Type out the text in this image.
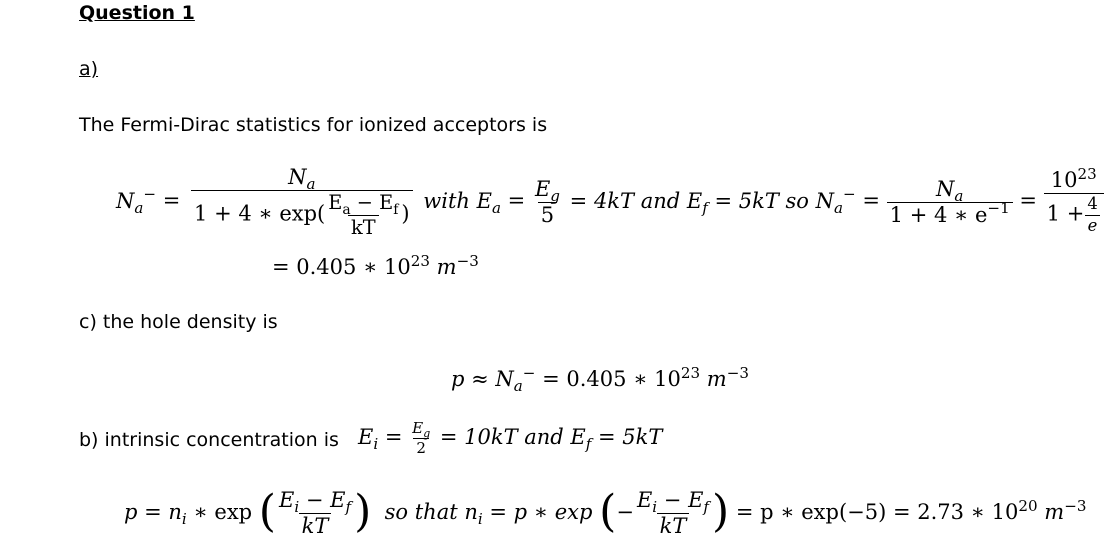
Question 1
a)
The Fermi-Dirac statistics for ionized acceptors is
$N_a^-$ =
$N_a$
1 + 4 ∗ $\exp( \frac{E_a - E_f}{kT}$ )
with $E_a = \frac{E_g}{5} = 4kT$ and $E_f = 5kT$ so $N_a^- = \frac{N_a}{1 + 4 ∗ e^{-1}} = \frac{10^{23}}{1 + \frac{4}{e}}$
= 0.405 ∗ $10^{23}$ $m^{-3}$
c) the hole density is
$p \approx N_a^- = 0.405$ ∗ $10^{23}$ $m^{-3}$
b) intrinsic concentration is $E_i = \frac{E_g}{2} = 10kT$ and $E_f = 5kT$
$p = n_i$ ∗ exp ( $\frac{E_i - E_f}{kT}$ ) so that $n_i = p$ ∗ exp (− $\frac{E_i - E_f}{kT}$ ) = p ∗ exp(−5) = 2.73 ∗ $10^{20}$ $m^{-3}$
